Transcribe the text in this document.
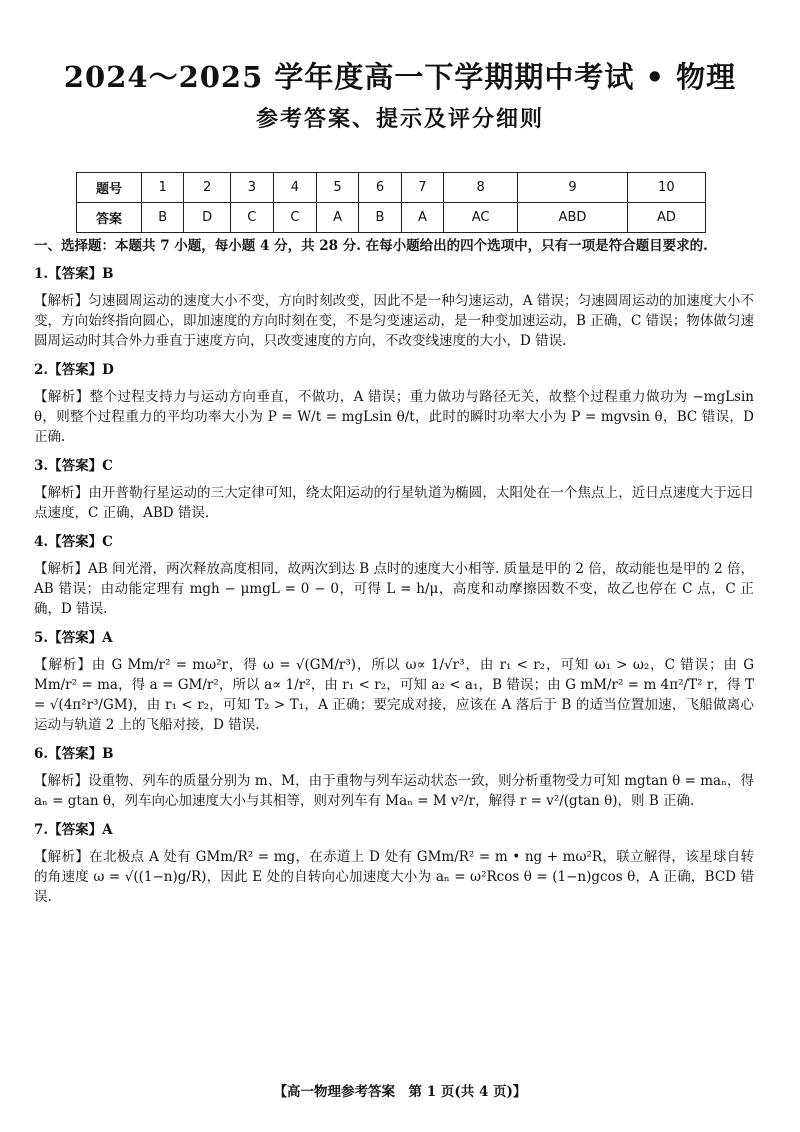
2024～2025 学年度高一下学期期中考试 • 物理
参考答案、提示及评分细则
题号	1	2	3	4	5	6	7	8	9	10
答案	B	D	C	C	A	B	A	AC	ABD	AD
一、选择题：本题共 7 小题，每小题 4 分，共 28 分. 在每小题给出的四个选项中，只有一项是符合题目要求的.
1.【答案】B

【解析】匀速圆周运动的速度大小不变，方向时刻改变，因此不是一种匀速运动，A 错误；匀速圆周运动的加速度大小不变，方向始终指向圆心，即加速度的方向时刻在变，不是匀变速运动，是一种变加速运动，B 正确，C 错误；物体做匀速圆周运动时其合外力垂直于速度方向，只改变速度的方向，不改变线速度的大小，D 错误.

2.【答案】D

【解析】整个过程支持力与运动方向垂直，不做功，A 错误；重力做功与路径无关，故整个过程重力做功为 −mgLsin θ，则整个过程重力的平均功率大小为 P = W/t = mgLsin θ/t，此时的瞬时功率大小为 P = mgvsin θ，BC 错误，D 正确.

3.【答案】C

【解析】由开普勒行星运动的三大定律可知，绕太阳运动的行星轨道为椭圆，太阳处在一个焦点上，近日点速度大于远日点速度，C 正确，ABD 错误.

4.【答案】C

【解析】AB 间光滑，两次释放高度相同，故两次到达 B 点时的速度大小相等. 质量是甲的 2 倍，故动能也是甲的 2 倍，AB 错误；由动能定理有 mgh − μmgL = 0 − 0，可得 L = h/μ，高度和动摩擦因数不变，故乙也停在 C 点，C 正确，D 错误.

5.【答案】A

【解析】由 G Mm/r² = mω²r，得 ω = √(GM/r³)，所以 ω∝ 1/√r³，由 r₁ < r₂，可知 ω₁ > ω₂，C 错误；由 G Mm/r² = ma，得 a = GM/r²，所以 a∝ 1/r²，由 r₁ < r₂，可知 a₂ < a₁，B 错误；由 G mM/r² = m 4π²/T² r，得 T = √(4π²r³/GM)，由 r₁ < r₂，可知 T₂ > T₁，A 正确；要完成对接，应该在 A 落后于 B 的适当位置加速，飞船做离心运动与轨道 2 上的飞船对接，D 错误.

6.【答案】B

【解析】设重物、列车的质量分别为 m、M，由于重物与列车运动状态一致，则分析重物受力可知 mgtan θ = maₙ，得 aₙ = gtan θ，列车向心加速度大小与其相等，则对列车有 Maₙ = M v²/r，解得 r = v²/(gtan θ)，则 B 正确.

7.【答案】A

【解析】在北极点 A 处有 GMm/R² = mg，在赤道上 D 处有 GMm/R² = m • ng + mω²R，联立解得，该星球自转的角速度 ω = √((1−n)g/R)，因此 E 处的自转向心加速度大小为 aₙ = ω²Rcos θ = (1−n)gcos θ，A 正确，BCD 错误.

【高一物理参考答案　第 1 页(共 4 页)】
